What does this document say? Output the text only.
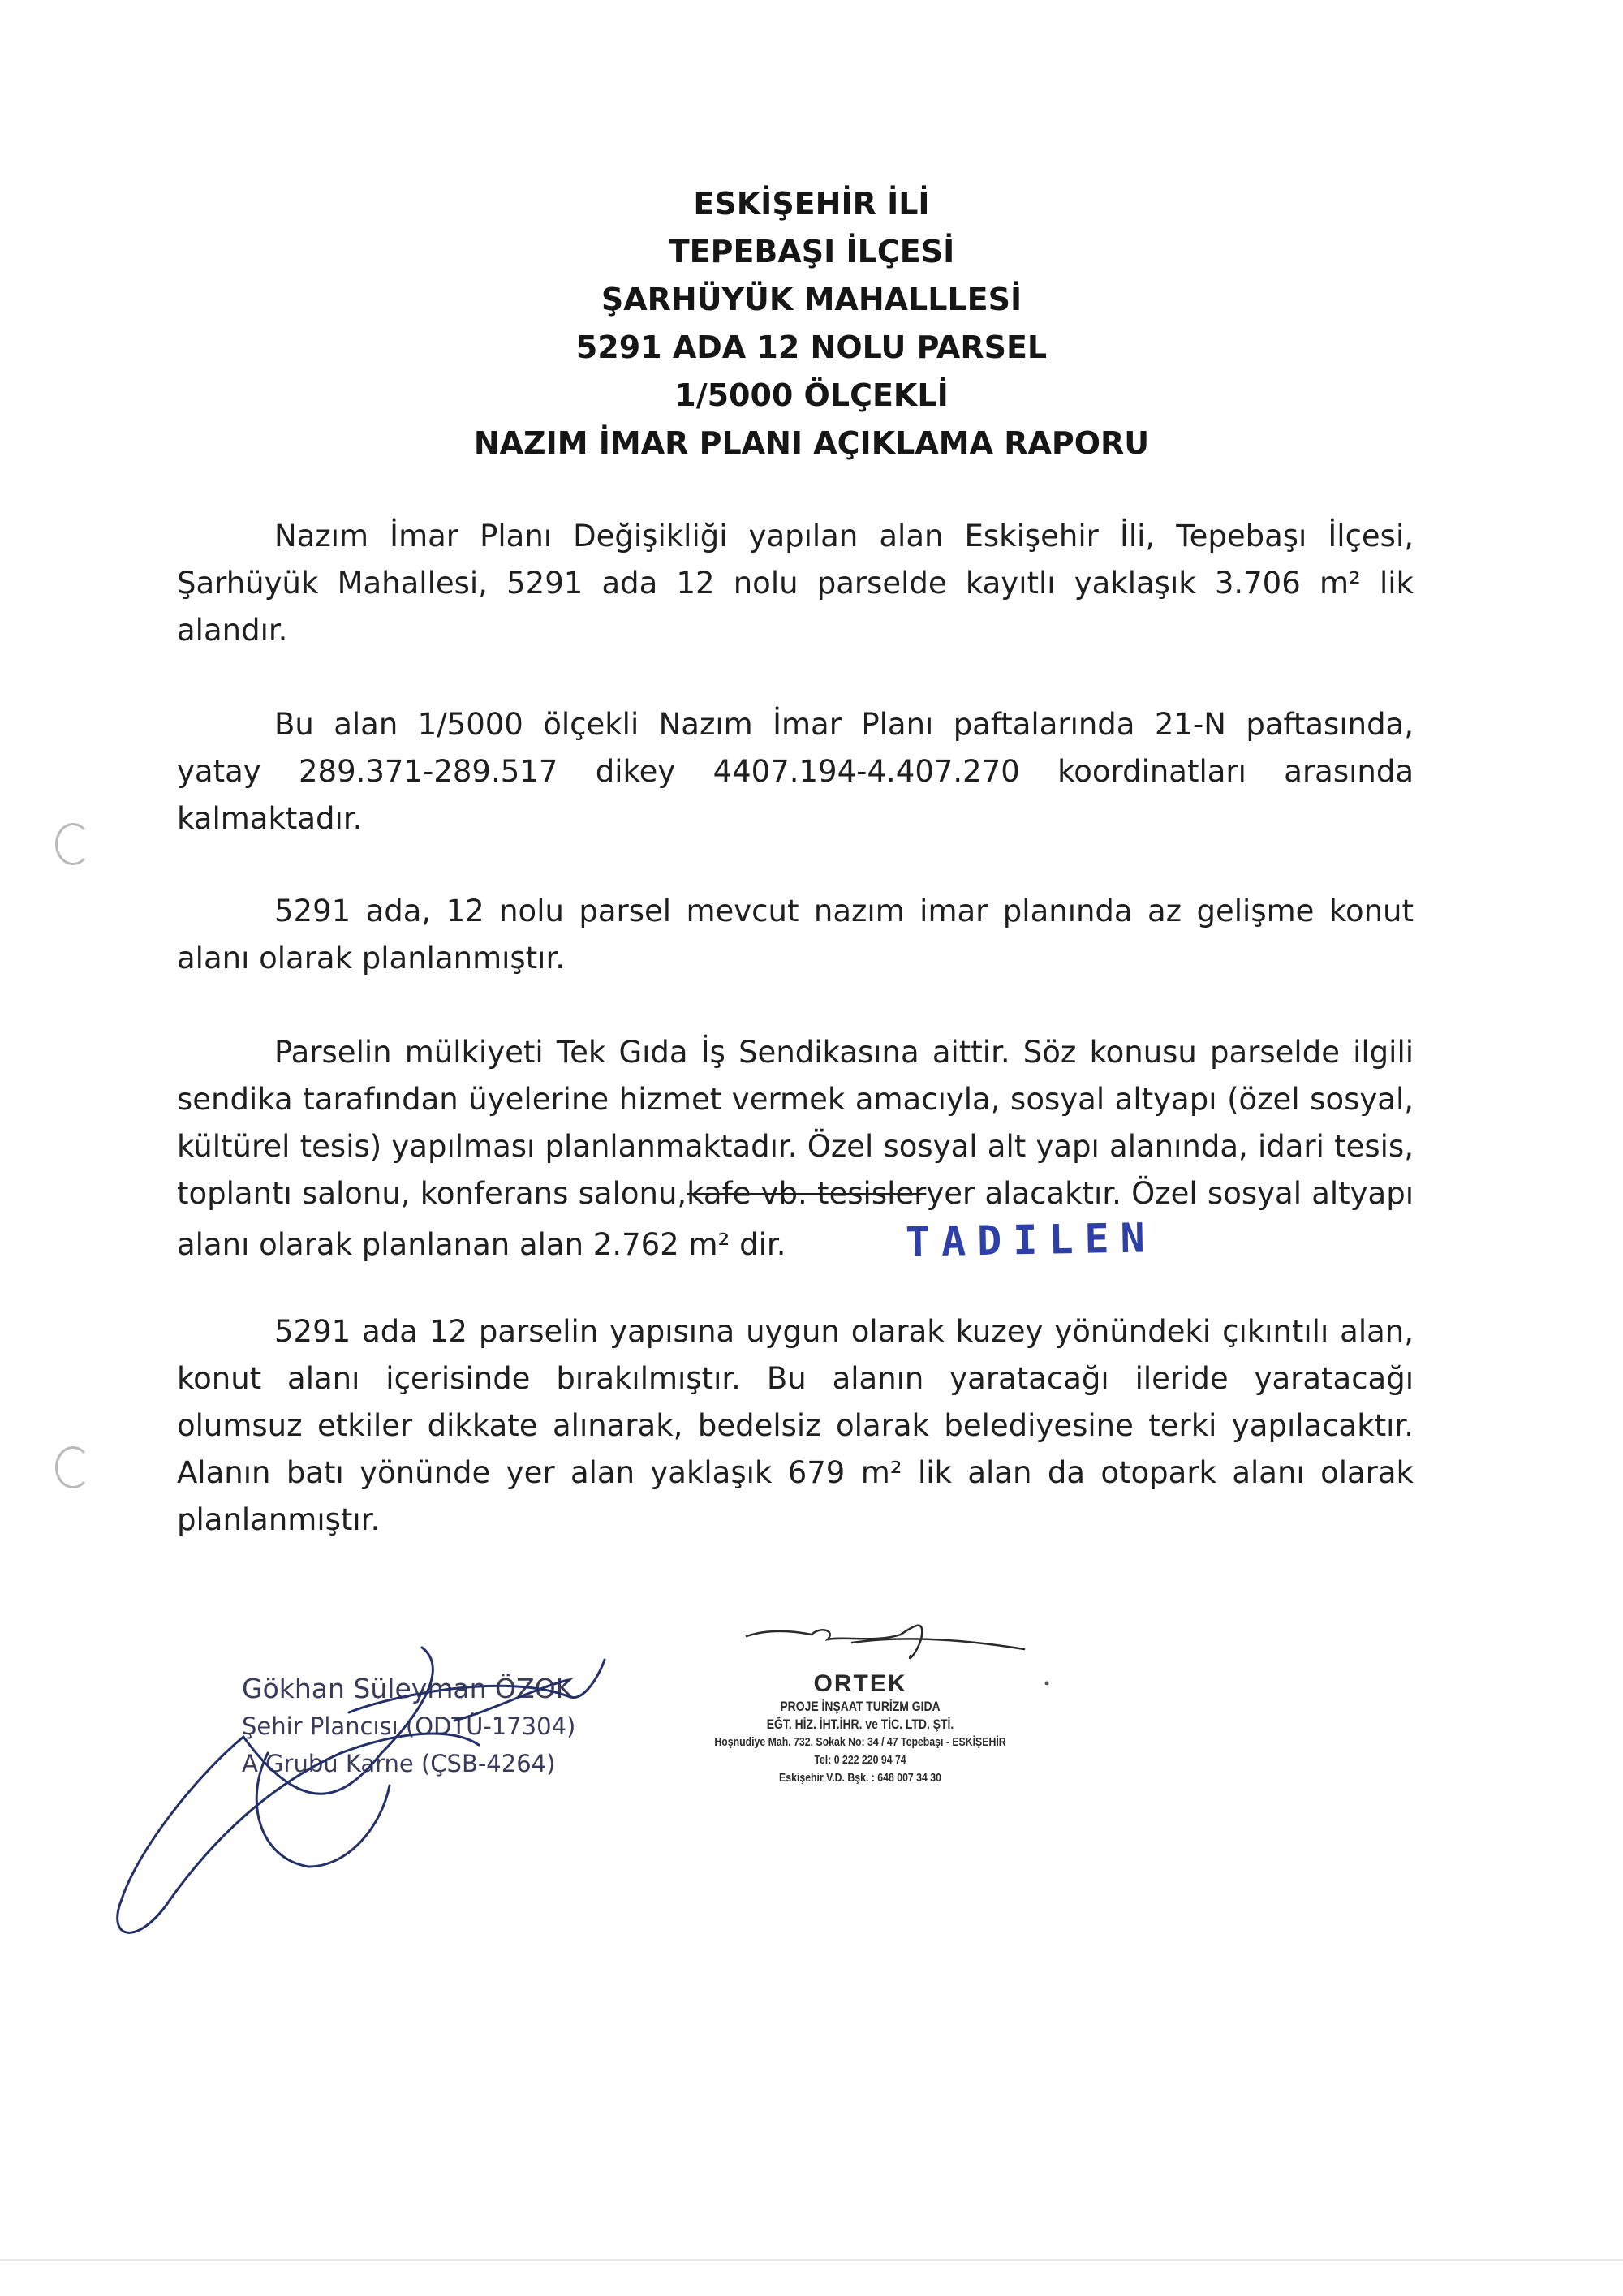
ESKİŞEHİR İLİ
TEPEBAŞI İLÇESİ
ŞARHÜYÜK MAHALLLESİ
5291 ADA 12 NOLU PARSEL
1/5000 ÖLÇEKLİ
NAZIM İMAR PLANI AÇIKLAMA RAPORU

Nazım İmar Planı Değişikliği yapılan alan Eskişehir İli, Tepebaşı İlçesi, Şarhüyük Mahallesi, 5291 ada 12 nolu parselde kayıtlı yaklaşık 3.706 m² lik alandır.

Bu alan 1/5000 ölçekli Nazım İmar Planı paftalarında 21-N paftasında, yatay 289.371-289.517 dikey 4407.194-4.407.270 koordinatları arasında kalmaktadır.

5291 ada, 12 nolu parsel mevcut nazım imar planında az gelişme konut alanı olarak planlanmıştır.

Parselin mülkiyeti Tek Gıda İş Sendikasına aittir. Söz konusu parselde ilgili sendika tarafından üyelerine hizmet vermek amacıyla, sosyal altyapı (özel sosyal, kültürel tesis) yapılması planlanmaktadır. Özel sosyal alt yapı alanında, idari tesis, toplantı salonu, konferans salonu,kafe vb. tesisleryer alacaktır. Özel sosyal altyapı alanı olarak planlanan alan 2.762 m² dir.	TADILEN

5291 ada 12 parselin yapısına uygun olarak kuzey yönündeki çıkıntılı alan, konut alanı içerisinde bırakılmıştır. Bu alanın yaratacağı ileride yaratacağı olumsuz etkiler dikkate alınarak, bedelsiz olarak belediyesine terki yapılacaktır. Alanın batı yönünde yer alan yaklaşık 679 m² lik alan da otopark alanı olarak planlanmıştır.

Gökhan Süleyman ÖZOK
Şehir Plancısı (ODTÜ-17304)
A Grubu Karne (ÇSB-4264)
ORTEK
PROJE İNŞAAT TURİZM GIDA
EĞT. HİZ. İHT.İHR. ve TİC. LTD. ŞTİ.
Hoşnudiye Mah. 732. Sokak No: 34 / 47 Tepebaşı - ESKİŞEHİR
Tel: 0 222 220 94 74
Eskişehir V.D. Bşk. : 648 007 34 30
